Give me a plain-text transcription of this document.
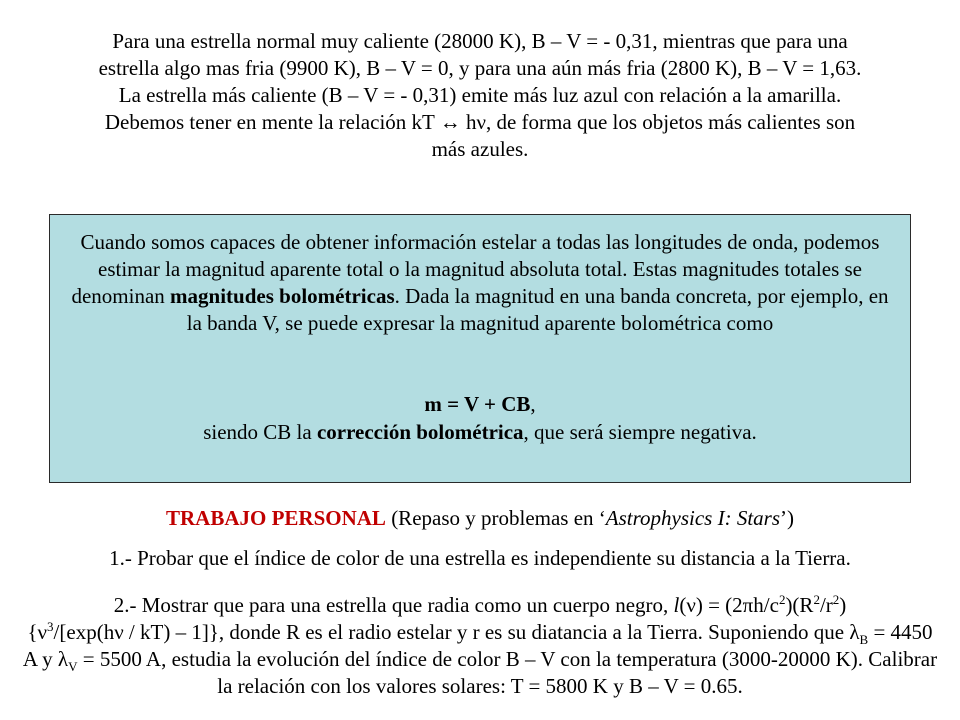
Para una estrella normal muy caliente (28000 K), B – V = - 0,31, mientras que para una
estrella algo mas fria (9900 K), B – V = 0, y para una aún más fria (2800 K), B – V = 1,63.
La estrella más caliente (B – V = - 0,31) emite más luz azul con relación a la amarilla.
Debemos tener en mente la relación kT ↔ hν, de forma que los objetos más calientes son
más azules.
Cuando somos capaces de obtener información estelar a todas las longitudes de onda, podemos estimar la magnitud aparente total o la magnitud absoluta total. Estas magnitudes totales se denominan magnitudes bolométricas. Dada la magnitud en una banda concreta, por ejemplo, en la banda V, se puede expresar la magnitud aparente bolométrica como
m = V + CB,
siendo CB la corrección bolométrica, que será siempre negativa.
TRABAJO PERSONAL (Repaso y problemas en ‘Astrophysics I: Stars’)
1.- Probar que el índice de color de una estrella es independiente su distancia a la Tierra.
2.- Mostrar que para una estrella que radia como un cuerpo negro, $l(\nu) = (2\pi h/c^2)(R^2/r^2)$
$\{\nu^3/[\exp(h\nu / kT) - 1]\}$, donde R es el radio estelar y r es su diatancia a la Tierra. Suponiendo que $\lambda_B = 4450$ A y $\lambda_V = 5500$ A, estudia la evolución del índice de color B – V con la temperatura (3000-20000 K). Calibrar la relación con los valores solares: T = 5800 K y B – V = 0.65.
